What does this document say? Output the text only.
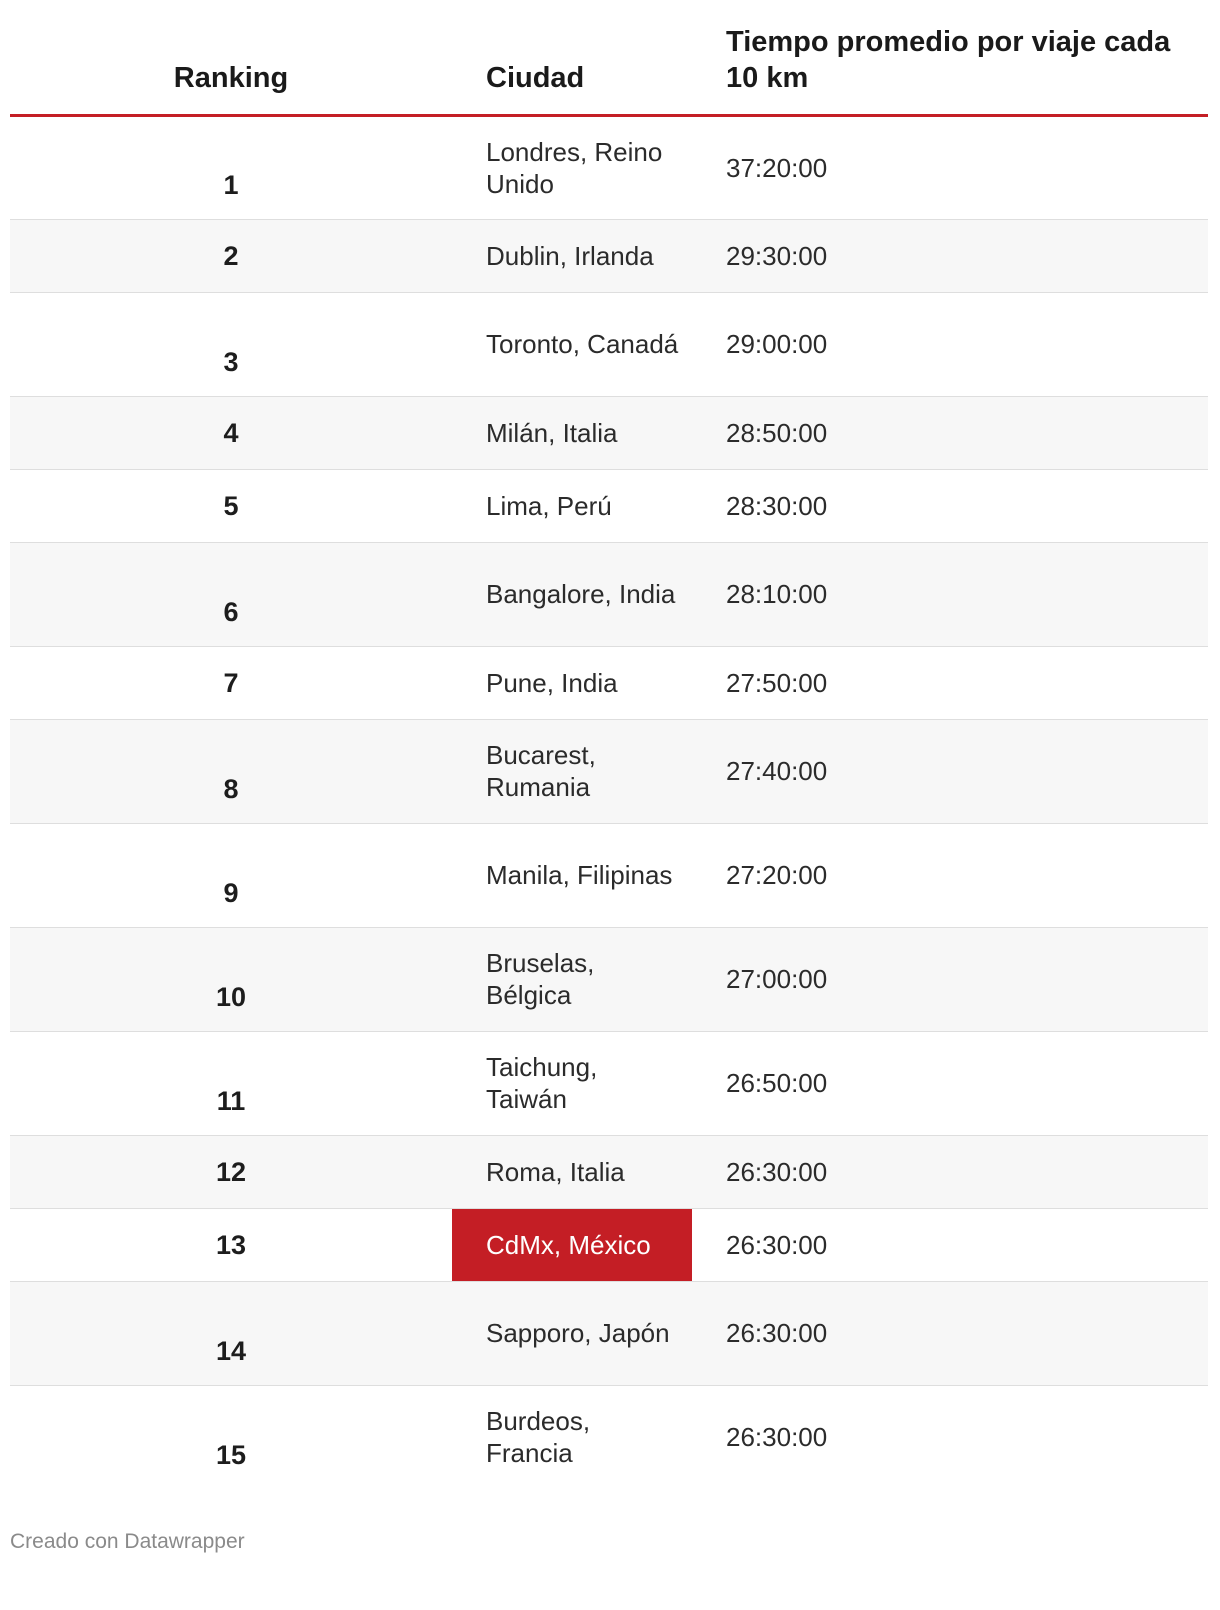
Ranking	Ciudad	Tiempo promedio por viaje cada 10 km
1	Londres, Reino Unido	37:20:00
2	Dublin, Irlanda	29:30:00
3	Toronto, Canadá	29:00:00
4	Milán, Italia	28:50:00
5	Lima, Perú	28:30:00
6	Bangalore, India	28:10:00
7	Pune, India	27:50:00
8	Bucarest, Rumania	27:40:00
9	Manila, Filipinas	27:20:00
10	Bruselas, Bélgica	27:00:00
11	Taichung, Taiwán	26:50:00
12	Roma, Italia	26:30:00
13	CdMx, México	26:30:00
14	Sapporo, Japón	26:30:00
15	Burdeos, Francia	26:30:00
Creado con Datawrapper
